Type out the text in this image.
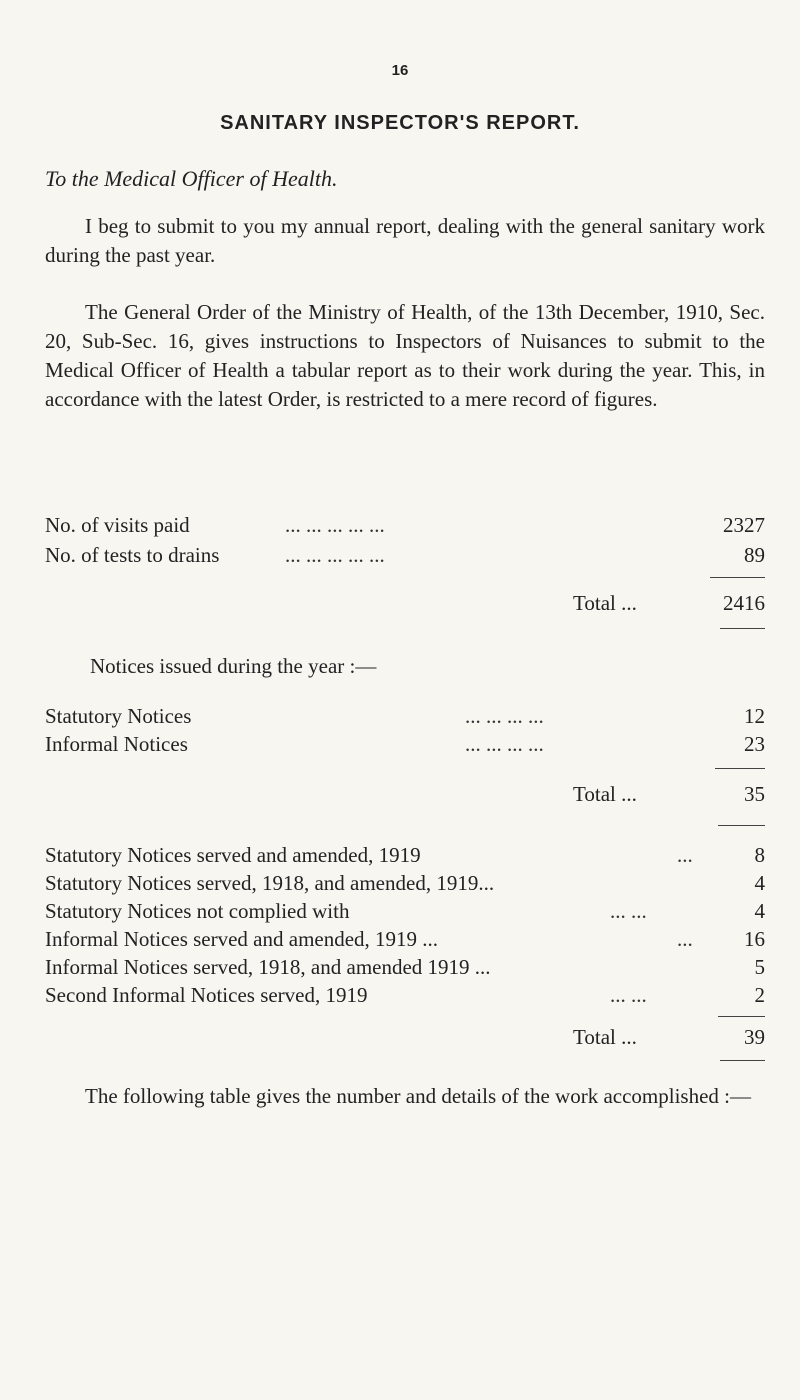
16
SANITARY INSPECTOR'S REPORT.
To the Medical Officer of Health.
I beg to submit to you my annual report, dealing with the general sanitary work during the past year.
The General Order of the Ministry of Health, of the 13th December, 1910, Sec. 20, Sub-Sec. 16, gives instructions to Inspectors of Nuisances to submit to the Medical Officer of Health a tabular report as to their work during the year. This, in accordance with the latest Order, is restricted to a mere record of figures.
No. of visits paid	... ... ... ... ...	2327
No. of tests to drains	... ... ... ... ...	89
Total ...	2416
Notices issued during the year :—
Statutory Notices	... ... ... ...	12
Informal Notices	... ... ... ...	23
Total ...	35
Statutory Notices served and amended, 1919	...	8
Statutory Notices served, 1918, and amended, 1919...	4
Statutory Notices not complied with	... ...	4
Informal Notices served and amended, 1919 ...	... 16
Informal Notices served, 1918, and amended 1919 ...	5
Second Informal Notices served, 1919	... ...	2
Total ...	39
The following table gives the number and details of the work accomplished :—
